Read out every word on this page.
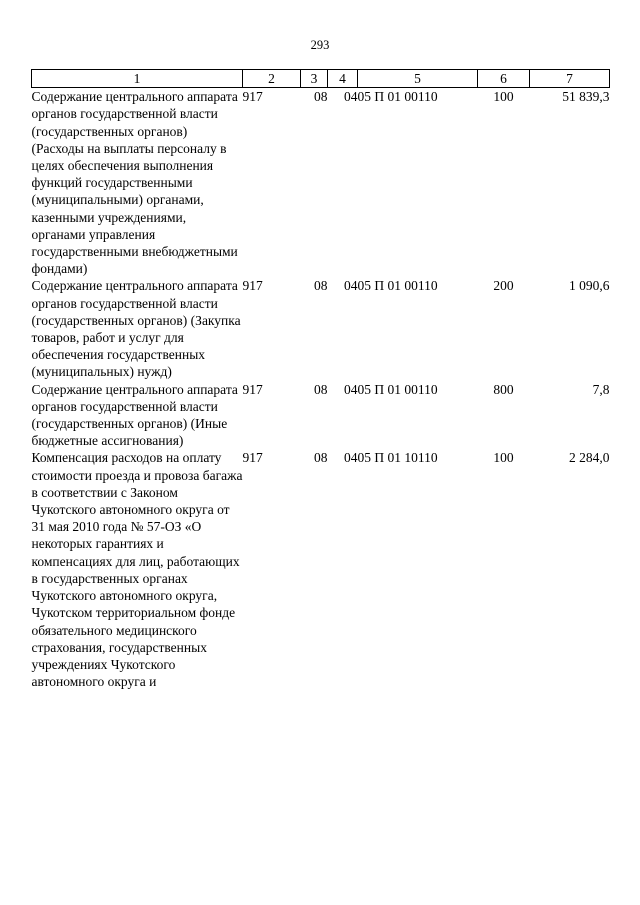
293
1	2	3	4	5	6	7
Содержание центрального аппарата органов государственной власти (государственных органов) (Расходы на выплаты персоналу в целях обеспечения выполнения функций государственными (муниципальными) органами, казенными учреждениями, органами управления государственными внебюджетными фондами)	917	08	04	05 П 01 00110	100	51 839,3
Содержание центрального аппарата органов государственной власти (государственных органов) (Закупка товаров, работ и услуг для обеспечения государственных (муниципальных) нужд)	917	08	04	05 П 01 00110	200	1 090,6
Содержание центрального аппарата органов государственной власти (государственных органов) (Иные бюджетные ассигнования)	917	08	04	05 П 01 00110	800	7,8
Компенсация расходов на оплату стоимости проезда и провоза багажа в соответствии с Законом Чукотского автономного округа от 31 мая 2010 года № 57-ОЗ «О некоторых гарантиях и компенсациях для лиц, работающих в государственных органах Чукотского автономного округа, Чукотском территориальном фонде обязательного медицинского страхования, государственных учреждениях Чукотского автономного округа и	917	08	04	05 П 01 10110	100	2 284,0
